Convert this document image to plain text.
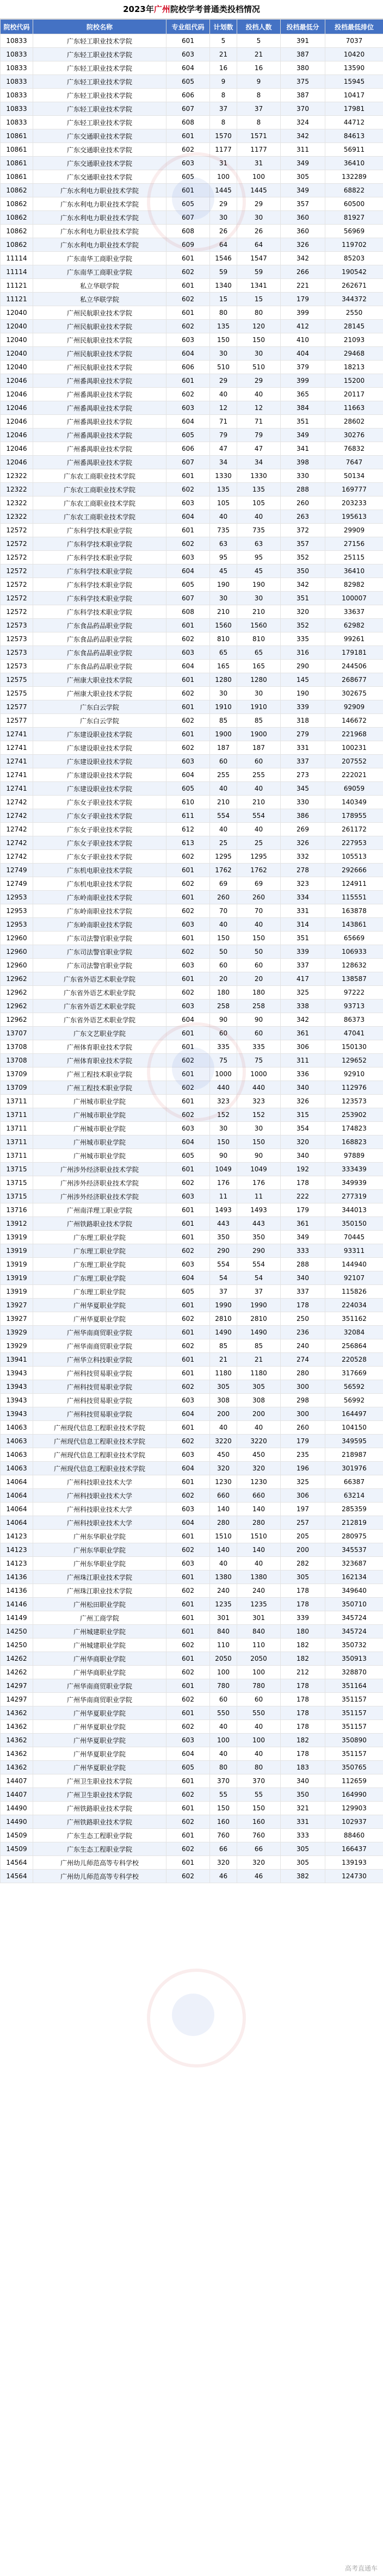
2023年广州院校学考普通类投档情况
院校代码	院校名称	专业组代码	计划数	投档人数	投档最低分	投档最低排位
10833	广东轻工职业技术学院	601	5	5	391	7037
10833	广东轻工职业技术学院	603	21	21	387	10420
10833	广东轻工职业技术学院	604	16	16	380	13590
10833	广东轻工职业技术学院	605	9	9	375	15945
10833	广东轻工职业技术学院	606	8	8	387	10417
10833	广东轻工职业技术学院	607	37	37	370	17981
10833	广东轻工职业技术学院	608	8	8	324	44712
10861	广东交通职业技术学院	601	1570	1571	342	84613
10861	广东交通职业技术学院	602	1177	1177	311	56911
10861	广东交通职业技术学院	603	31	31	349	36410
10861	广东交通职业技术学院	605	100	100	305	132289
10862	广东水利电力职业技术学院	601	1445	1445	349	68822
10862	广东水利电力职业技术学院	605	29	29	357	60500
10862	广东水利电力职业技术学院	607	30	30	360	81927
10862	广东水利电力职业技术学院	608	26	26	360	56969
10862	广东水利电力职业技术学院	609	64	64	326	119702
11114	广东南华工商职业学院	601	1546	1547	342	85203
11114	广东南华工商职业学院	602	59	59	266	190542
11121	私立华联学院	601	1340	1341	221	262671
11121	私立华联学院	602	15	15	179	344372
12040	广州民航职业技术学院	601	80	80	399	2550
12040	广州民航职业技术学院	602	135	120	412	28145
12040	广州民航职业技术学院	603	150	150	410	21093
12040	广州民航职业技术学院	604	30	30	404	29468
12040	广州民航职业技术学院	606	510	510	379	18213
12046	广州番禺职业技术学院	601	29	29	399	15200
12046	广州番禺职业技术学院	602	40	40	365	20117
12046	广州番禺职业技术学院	603	12	12	384	11663
12046	广州番禺职业技术学院	604	71	71	351	28602
12046	广州番禺职业技术学院	605	79	79	349	30276
12046	广州番禺职业技术学院	606	47	47	341	76832
12046	广州番禺职业技术学院	607	34	34	398	7647
12322	广东农工商职业技术学院	601	1330	1330	330	50134
12322	广东农工商职业技术学院	602	135	135	288	169777
12322	广东农工商职业技术学院	603	105	105	260	203233
12322	广东农工商职业技术学院	604	40	40	263	195613
12572	广东科学技术职业学院	601	735	735	372	29909
12572	广东科学技术职业学院	602	63	63	357	27156
12572	广东科学技术职业学院	603	95	95	352	25115
12572	广东科学技术职业学院	604	45	45	350	36410
12572	广东科学技术职业学院	605	190	190	342	82982
12572	广东科学技术职业学院	607	30	30	351	100007
12572	广东科学技术职业学院	608	210	210	320	33637
12573	广东食品药品职业学院	601	1560	1560	352	62982
12573	广东食品药品职业学院	602	810	810	335	99261
12573	广东食品药品职业学院	603	65	65	316	179181
12573	广东食品药品职业学院	604	165	165	290	244506
12575	广州康大职业技术学院	601	1280	1280	145	268677
12575	广州康大职业技术学院	602	30	30	190	302675
12577	广东白云学院	601	1910	1910	339	92909
12577	广东白云学院	602	85	85	318	146672
12741	广东建设职业技术学院	601	1900	1900	279	221968
12741	广东建设职业技术学院	602	187	187	331	100231
12741	广东建设职业技术学院	603	60	60	337	207552
12741	广东建设职业技术学院	604	255	255	273	222021
12741	广东建设职业技术学院	605	40	40	345	69059
12742	广东女子职业技术学院	610	210	210	330	140349
12742	广东女子职业技术学院	611	554	554	386	178955
12742	广东女子职业技术学院	612	40	40	269	261172
12742	广东女子职业技术学院	613	25	25	326	227953
12742	广东女子职业技术学院	602	1295	1295	332	105513
12749	广东机电职业技术学院	601	1762	1762	278	292666
12749	广东机电职业技术学院	602	69	69	323	124911
12953	广东岭南职业技术学院	601	260	260	334	115551
12953	广东岭南职业技术学院	602	70	70	331	163878
12953	广东岭南职业技术学院	603	40	40	314	143861
12960	广东司法警官职业学院	601	150	150	351	65669
12960	广东司法警官职业学院	602	50	50	339	106933
12960	广东司法警官职业学院	603	60	60	337	128632
12962	广东省外语艺术职业学院	601	20	20	417	138587
12962	广东省外语艺术职业学院	602	180	180	325	97222
12962	广东省外语艺术职业学院	603	258	258	338	93713
12962	广东省外语艺术职业学院	604	90	90	342	86373
13707	广东文艺职业学院	601	60	60	361	47041
13708	广州体育职业技术学院	601	335	335	306	150130
13708	广州体育职业技术学院	602	75	75	311	129652
13709	广州工程技术职业学院	601	1000	1000	336	92910
13709	广州工程技术职业学院	602	440	440	340	112976
13711	广州城市职业学院	601	323	323	326	123573
13711	广州城市职业学院	602	152	152	315	253902
13711	广州城市职业学院	603	30	30	354	174823
13711	广州城市职业学院	604	150	150	320	168823
13711	广州城市职业学院	605	90	90	340	97889
13715	广州涉外经济职业技术学院	601	1049	1049	192	333439
13715	广州涉外经济职业技术学院	602	176	176	178	349939
13715	广州涉外经济职业技术学院	603	11	11	222	277319
13716	广州南洋理工职业学院	601	1493	1493	179	344013
13912	广州铁路职业技术学院	601	443	443	361	350150
13919	广东理工职业学院	601	350	350	349	70445
13919	广东理工职业学院	602	290	290	333	93311
13919	广东理工职业学院	603	554	554	288	144940
13919	广东理工职业学院	604	54	54	340	92107
13919	广东理工职业学院	605	37	37	337	115826
13927	广州华夏职业学院	601	1990	1990	178	224034
13927	广州华夏职业学院	602	2810	2810	250	351162
13929	广州华南商贸职业学院	601	1490	1490	236	32084
13929	广州华南商贸职业学院	602	85	85	240	256864
13941	广州华立科技职业学院	601	21	21	274	220528
13943	广州科技贸易职业学院	601	1180	1180	280	317669
13943	广州科技贸易职业学院	602	305	305	300	56592
13943	广州科技贸易职业学院	603	308	308	298	56992
13943	广州科技贸易职业学院	604	200	200	300	164497
14063	广州现代信息工程职业技术学院	601	40	40	260	104150
14063	广州现代信息工程职业技术学院	602	3220	3220	179	349595
14063	广州现代信息工程职业技术学院	603	450	450	235	218987
14063	广州现代信息工程职业技术学院	604	320	320	196	301976
14064	广州科技职业技术大学	601	1230	1230	325	66387
14064	广州科技职业技术大学	602	660	660	306	63214
14064	广州科技职业技术大学	603	140	140	197	285359
14064	广州科技职业技术大学	604	280	280	257	212819
14123	广州东华职业学院	601	1510	1510	205	280975
14123	广州东华职业学院	602	140	140	200	345537
14123	广州东华职业学院	603	40	40	282	323687
14136	广州珠江职业技术学院	601	1380	1380	305	162134
14136	广州珠江职业技术学院	602	240	240	178	349640
14146	广州松田职业学院	601	1235	1235	178	350710
14149	广州工商学院	601	301	301	339	345724
14250	广州城建职业学院	601	840	840	180	345724
14250	广州城建职业学院	602	110	110	182	350732
14262	广州华商职业学院	601	2050	2050	182	350913
14262	广州华商职业学院	602	100	100	212	328870
14297	广州华南商贸职业学院	601	780	780	178	351164
14297	广州华南商贸职业学院	602	60	60	178	351157
14362	广州华夏职业学院	601	550	550	178	351157
14362	广州华夏职业学院	602	40	40	178	351157
14362	广州华夏职业学院	603	100	100	182	350890
14362	广州华夏职业学院	604	40	40	178	351157
14362	广州华夏职业学院	605	80	80	183	350765
14407	广州卫生职业技术学院	601	370	370	340	112659
14407	广州卫生职业技术学院	602	55	55	350	164990
14490	广州铁路职业技术学院	601	150	150	321	129903
14490	广州铁路职业技术学院	602	160	160	331	102937
14509	广东生态工程职业学院	601	760	760	333	88460
14509	广东生态工程职业学院	602	66	66	305	166437
14564	广州幼儿师范高等专科学校	601	320	320	305	139193
14564	广州幼儿师范高等专科学校	602	46	46	382	124730
高考直通车
